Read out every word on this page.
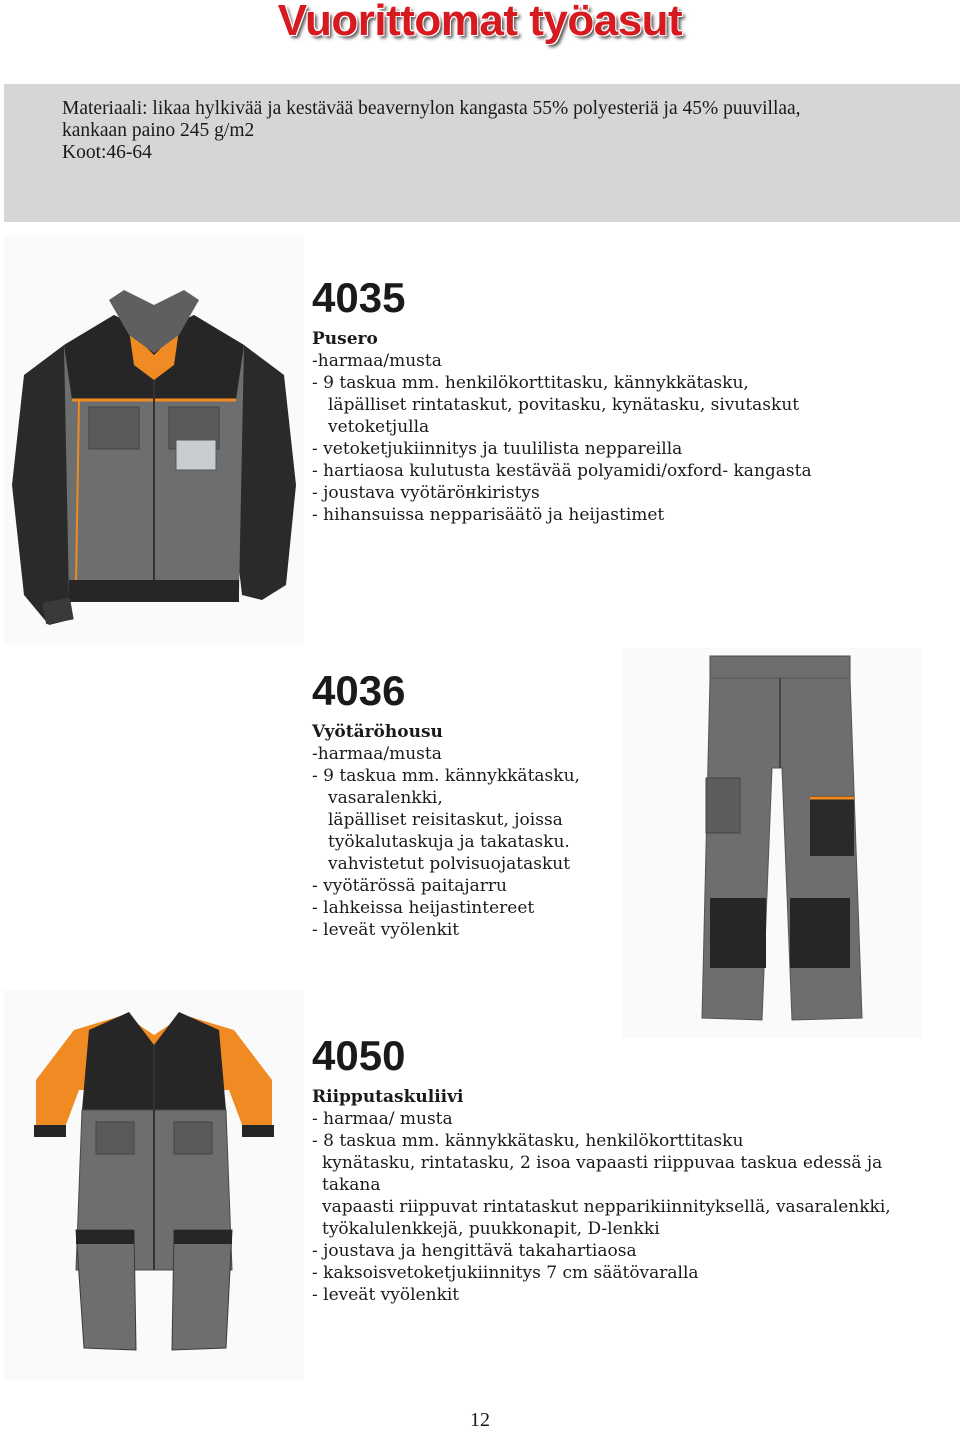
Vuorittomat työasut
Materiaali: likaa hylkivää ja kestävää beavernylon kangasta 55% polyesteriä ja 45% puuvillaa,
kankaan paino 245 g/m2
Koot:46-64
4035
Pusero
-harmaa/musta
- 9 taskua mm. henkilökorttitasku, kännykkätasku,
läpälliset rintataskut, povitasku, kynätasku, sivutaskut
vetoketjulla
- vetoketjukiinnitys ja tuulilista neppareilla
- hartiaosa kulutusta kestävää polyamidi/oxford- kangasta
- joustava vyötäröнkiristys
- hihansuissa nepparisäätö ja heijastimet
4036
Vyötäröhousu
-harmaa/musta
- 9 taskua mm. kännykkätasku,
vasaralenkki,
läpälliset reisitaskut, joissa
työkalutaskuja ja takatasku.
vahvistetut polvisuojataskut
- vyötärössä paitajarru
- lahkeissa heijastintereet
- leveät vyölenkit
4050
Riipputaskuliivi
- harmaa/ musta
- 8 taskua mm. kännykkätasku, henkilökorttitasku
kynätasku, rintatasku, 2 isoa vapaasti riippuvaa taskua edessä ja takana
vapaasti riippuvat rintataskut nepparikiinnityksellä, vasaralenkki,
työkalulenkkejä, puukkonapit, D-lenkki
- joustava ja hengittävä takahartiaosa
- kaksoisvetoketjukiinnitys 7 cm säätövaralla
- leveät vyölenkit
12
